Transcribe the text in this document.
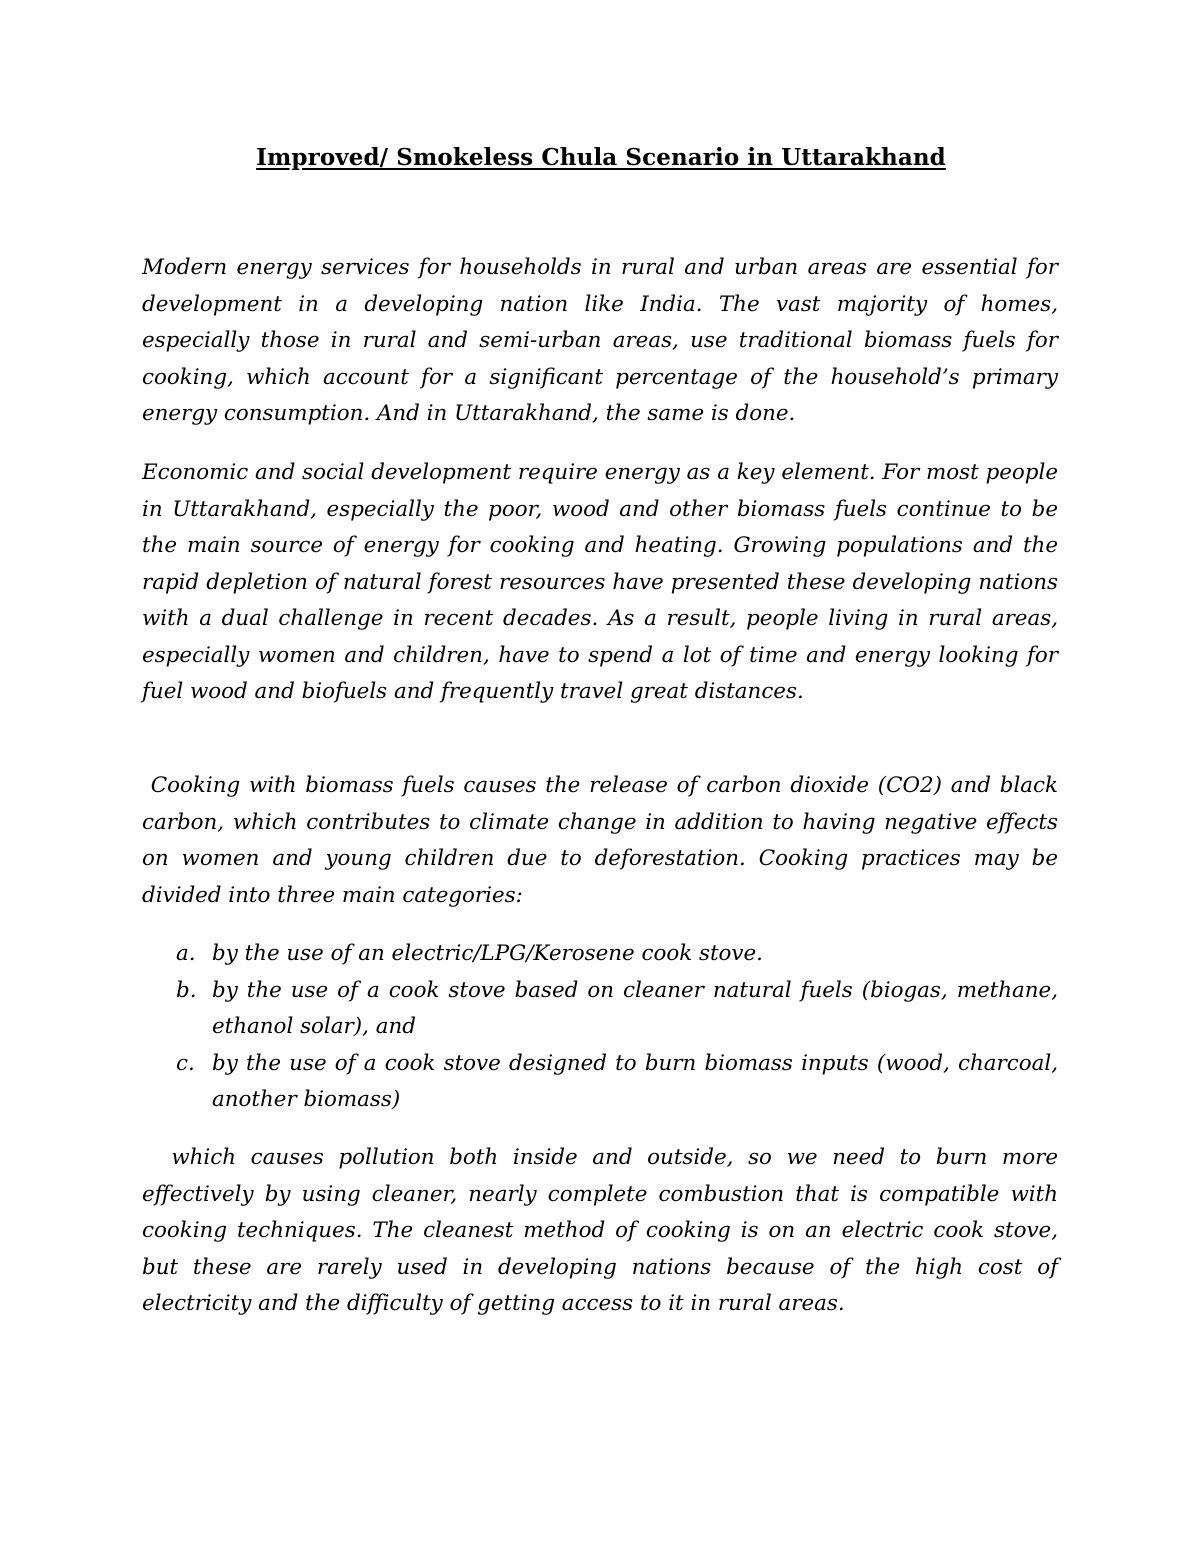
Improved/ Smokeless Chula Scenario in Uttarakhand

Modern energy services for households in rural and urban areas are essential for development in a developing nation like India. The vast majority of homes, especially those in rural and semi-urban areas, use traditional biomass fuels for cooking, which account for a significant percentage of the household’s primary energy consumption. And in Uttarakhand, the same is done.

Economic and social development require energy as a key element. For most people in Uttarakhand, especially the poor, wood and other biomass fuels continue to be the main source of energy for cooking and heating. Growing populations and the rapid depletion of natural forest resources have presented these developing nations with a dual challenge in recent decades. As a result, people living in rural areas, especially women and children, have to spend a lot of time and energy looking for fuel wood and biofuels and frequently travel great distances.

Cooking with biomass fuels causes the release of carbon dioxide (CO2) and black carbon, which contributes to climate change in addition to having negative effects on women and young children due to deforestation. Cooking practices may be divided into three main categories:

a. by the use of an electric/LPG/Kerosene cook stove.
b. by the use of a cook stove based on cleaner natural fuels (biogas, methane, ethanol solar), and
c. by the use of a cook stove designed to burn biomass inputs (wood, charcoal, another biomass)

which causes pollution both inside and outside, so we need to burn more effectively by using cleaner, nearly complete combustion that is compatible with cooking techniques. The cleanest method of cooking is on an electric cook stove, but these are rarely used in developing nations because of the high cost of electricity and the difficulty of getting access to it in rural areas.
